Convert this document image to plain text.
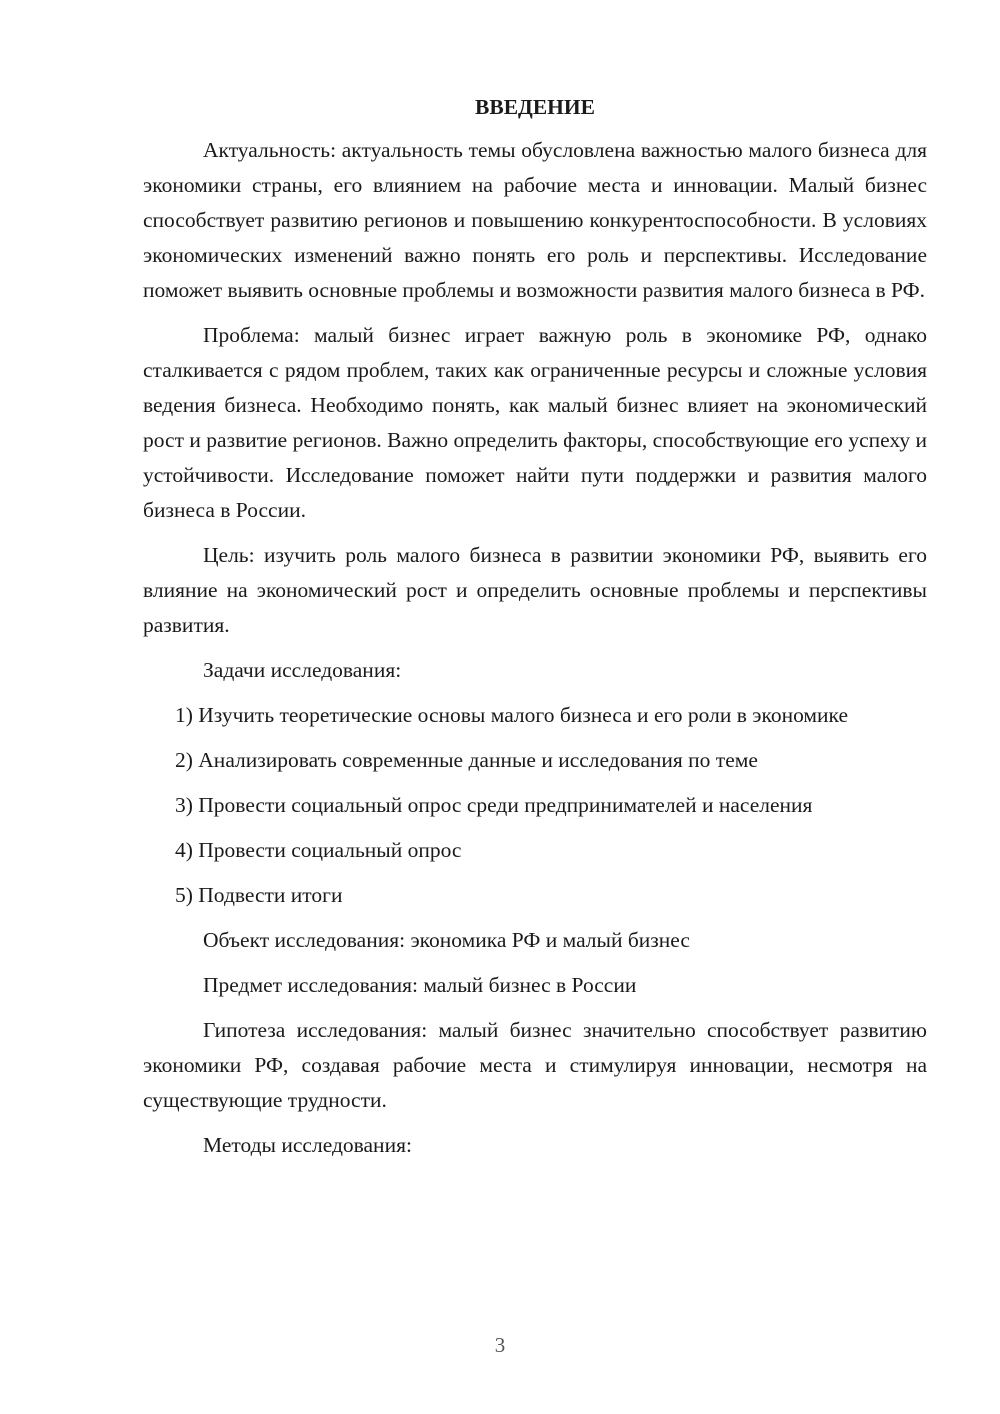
ВВЕДЕНИЕ

Актуальность: актуальность темы обусловлена важностью малого бизнеса для экономики страны, его влиянием на рабочие места и инновации. Малый бизнес способствует развитию регионов и повышению конкурентоспособности. В условиях экономических изменений важно понять его роль и перспективы. Исследование поможет выявить основные проблемы и возможности развития малого бизнеса в РФ.

Проблема: малый бизнес играет важную роль в экономике РФ, однако сталкивается с рядом проблем, таких как ограниченные ресурсы и сложные условия ведения бизнеса. Необходимо понять, как малый бизнес влияет на экономический рост и развитие регионов. Важно определить факторы, способствующие его успеху и устойчивости. Исследование поможет найти пути поддержки и развития малого бизнеса в России.

Цель: изучить роль малого бизнеса в развитии экономики РФ, выявить его влияние на экономический рост и определить основные проблемы и перспективы развития.

Задачи исследования:

1) Изучить теоретические основы малого бизнеса и его роли в экономике

2) Анализировать современные данные и исследования по теме

3) Провести социальный опрос среди предпринимателей и населения

4) Провести социальный опрос

5) Подвести итоги

Объект исследования: экономика РФ и малый бизнес

Предмет исследования: малый бизнес в России

Гипотеза исследования: малый бизнес значительно способствует развитию экономики РФ, создавая рабочие места и стимулируя инновации, несмотря на существующие трудности.

Методы исследования:

3
